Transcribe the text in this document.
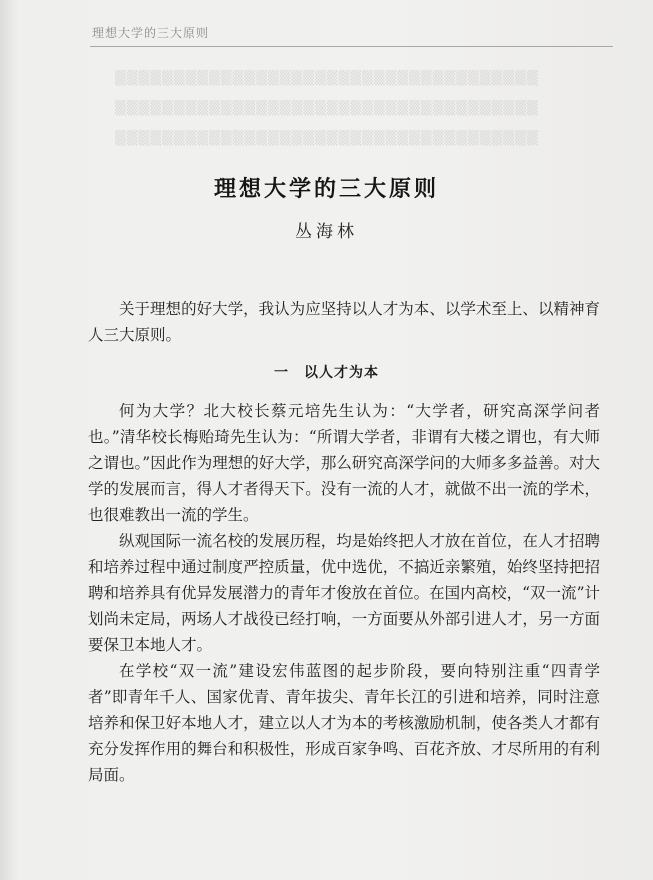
理想大学的三大原则
▒▒▒▒▒▒▒▒▒▒▒▒▒▒▒▒▒▒▒▒▒▒▒▒▒▒▒▒▒▒▒▒▒▒▒▒
▒▒▒▒▒▒▒▒▒▒▒▒▒▒▒▒▒▒▒▒▒▒▒▒▒▒▒▒▒▒▒▒▒▒▒▒
▒▒▒▒▒▒▒▒▒▒▒▒▒▒▒▒▒▒▒▒▒▒▒▒▒▒▒▒▒▒▒▒▒▒▒▒
理想大学的三大原则
丛海林

关于理想的好大学，我认为应坚持以人才为本、以学术至上、以精神育人三大原则。

一　以人才为本

何为大学？北大校长蔡元培先生认为：“大学者，研究高深学问者也。”清华校长梅贻琦先生认为：“所谓大学者，非谓有大楼之谓也，有大师之谓也。”因此作为理想的好大学，那么研究高深学问的大师多多益善。对大学的发展而言，得人才者得天下。没有一流的人才，就做不出一流的学术，也很难教出一流的学生。

纵观国际一流名校的发展历程，均是始终把人才放在首位，在人才招聘和培养过程中通过制度严控质量，优中选优，不搞近亲繁殖，始终坚持把招聘和培养具有优异发展潜力的青年才俊放在首位。在国内高校，“双一流”计划尚未定局，两场人才战役已经打响，一方面要从外部引进人才，另一方面要保卫本地人才。

在学校“双一流”建设宏伟蓝图的起步阶段，要向特别注重“四青学者”即青年千人、国家优青、青年拔尖、青年长江的引进和培养，同时注意培养和保卫好本地人才，建立以人才为本的考核激励机制，使各类人才都有充分发挥作用的舞台和积极性，形成百家争鸣、百花齐放、才尽所用的有利局面。
